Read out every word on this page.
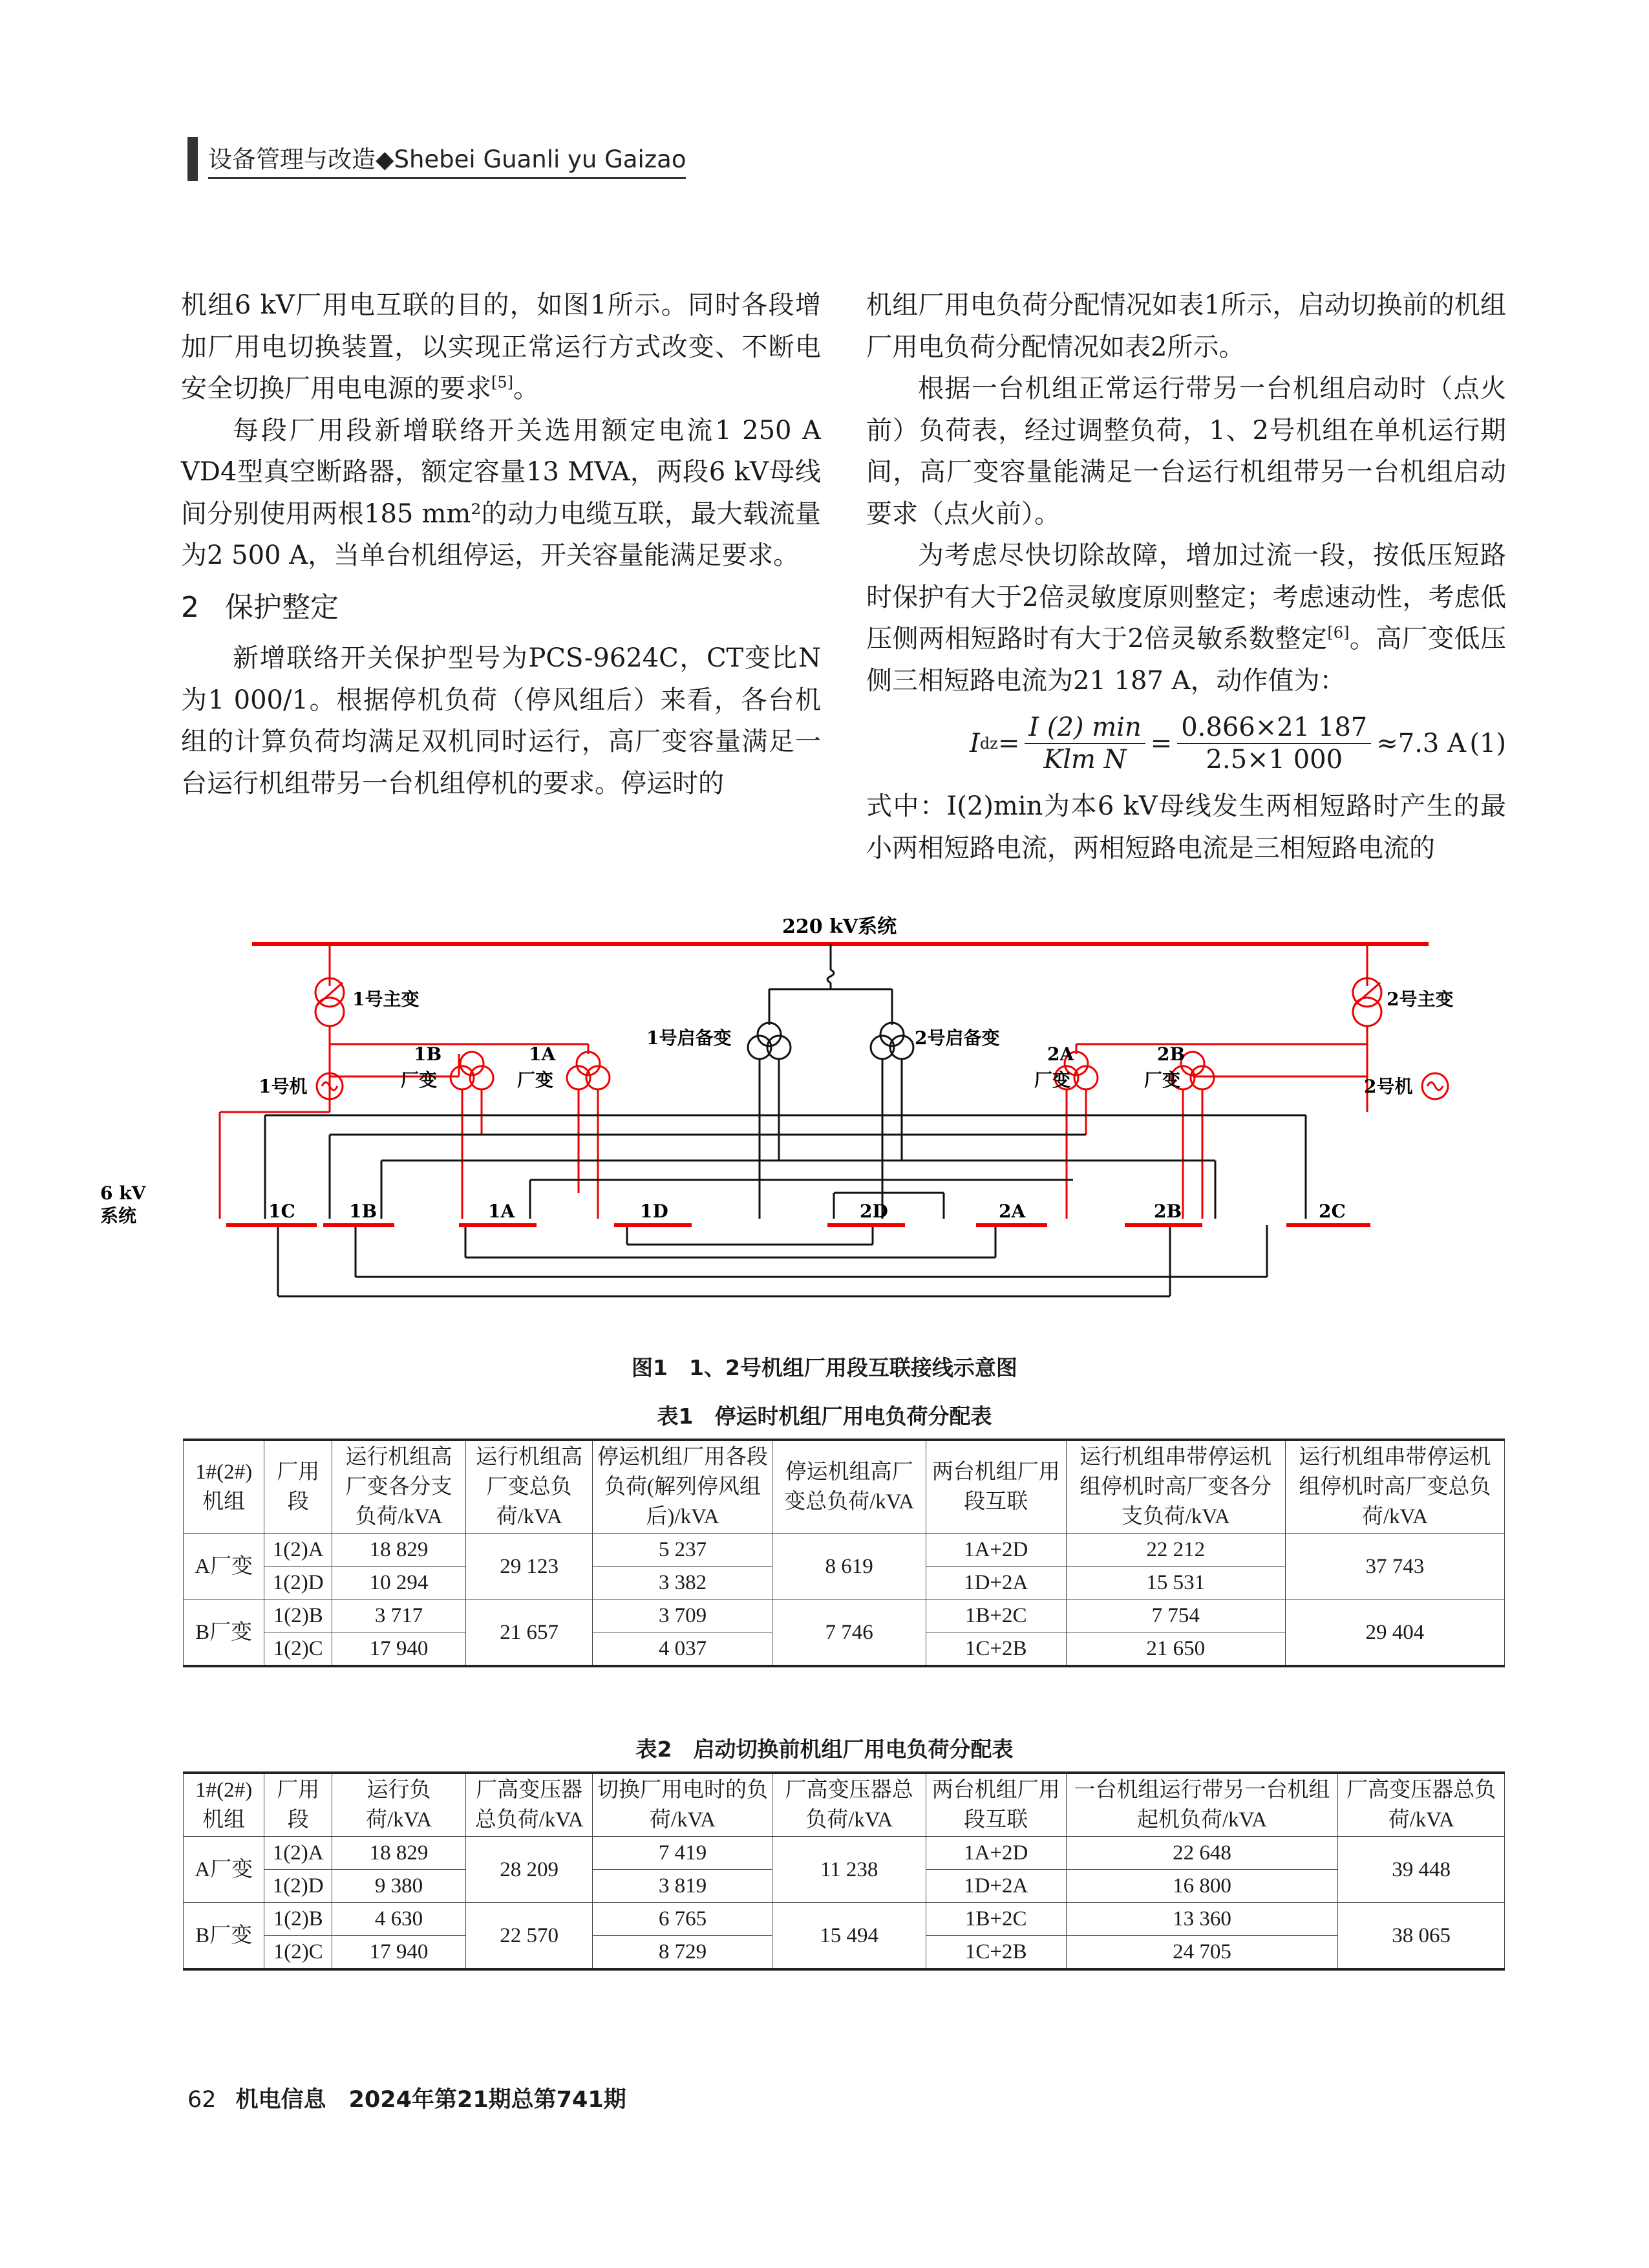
设备管理与改造◆Shebei Guanli yu Gaizao

机组6 kV厂用电互联的目的，如图1所示。同时各段增加厂用电切换装置，以实现正常运行方式改变、不断电安全切换厂用电电源的要求[5]。

每段厂用段新增联络开关选用额定电流1 250 A VD4型真空断路器，额定容量13 MVA，两段6 kV母线间分别使用两根185 mm²的动力电缆互联，最大载流量为2 500 A，当单台机组停运，开关容量能满足要求。

2 保护整定

新增联络开关保护型号为PCS-9624C，CT变比N为1 000/1。根据停机负荷（停风组后）来看，各台机组的计算负荷均满足双机同时运行，高厂变容量满足一台运行机组带另一台机组停机的要求。停运时的

机组厂用电负荷分配情况如表1所示，启动切换前的机组厂用电负荷分配情况如表2所示。

根据一台机组正常运行带另一台机组启动时（点火前）负荷表，经过调整负荷，1、2号机组在单机运行期间，高厂变容量能满足一台运行机组带另一台机组启动要求（点火前）。

为考虑尽快切除故障，增加过流一段，按低压短路时保护有大于2倍灵敏度原则整定；考虑速动性，考虑低压侧两相短路时有大于2倍灵敏系数整定[6]。高厂变低压侧三相短路电流为21 187 A，动作值为：

I dz = $\frac{I (2) \min}{\text{Klm N}} = \frac{0.866\times 21 187}{2.5\times 1 000} \approx 7.3$ A (1)

式中：I(2)min为本6 kV母线发生两相短路时产生的最小两相短路电流，两相短路电流是三相短路电流的

220 kV系统
1号主变
1号机
1B
厂变
1A
厂变
1号启备变	2号启备变
2号主变
2号机
2A
厂变
2B
厂变
6 kV
系统	1C	1B	1A	1D	2D	2A	2B	2C
图1　1、2号机组厂用段互联接线示意图
表1　停运时机组厂用电负荷分配表
1#(2#)机组	厂用段	运行机组高厂变各分支负荷/kVA	运行机组高厂变总负荷/kVA	停运机组厂用各段负荷(解列停风组后)/kVA	停运机组高厂变总负荷/kVA	两台机组厂用段互联	运行机组串带停运机组停机时高厂变各分支负荷/kVA	运行机组串带停运机组停机时高厂变总负荷/kVA
A厂变	1(2)A	18 829	29 123	5 237	8 619	1A+2D	22 212	37 743
	1(2)D	10 294		3 382		1D+2A	15 531	
B厂变	1(2)B	3 717	21 657	3 709	7 746	1B+2C	7 754	29 404
	1(2)C	17 940		4 037		1C+2B	21 650	
表2　启动切换前机组厂用电负荷分配表
1#(2#)机组	厂用段	运行负荷/kVA	厂高变压器总负荷/kVA	切换厂用电时的负荷/kVA	厂高变压器总负荷/kVA	两台机组厂用段互联	一台机组运行带另一台机组起机负荷/kVA	厂高变压器总负荷/kVA
A厂变	1(2)A	18 829	28 209	7 419	11 238	1A+2D	22 648	39 448
	1(2)D	9 380		3 819		1D+2A	16 800	
B厂变	1(2)B	4 630	22 570	6 765	15 494	1B+2C	13 360	38 065
	1(2)C	17 940		8 729		1C+2B	24 705	
62 机电信息　2024年第21期总第741期
